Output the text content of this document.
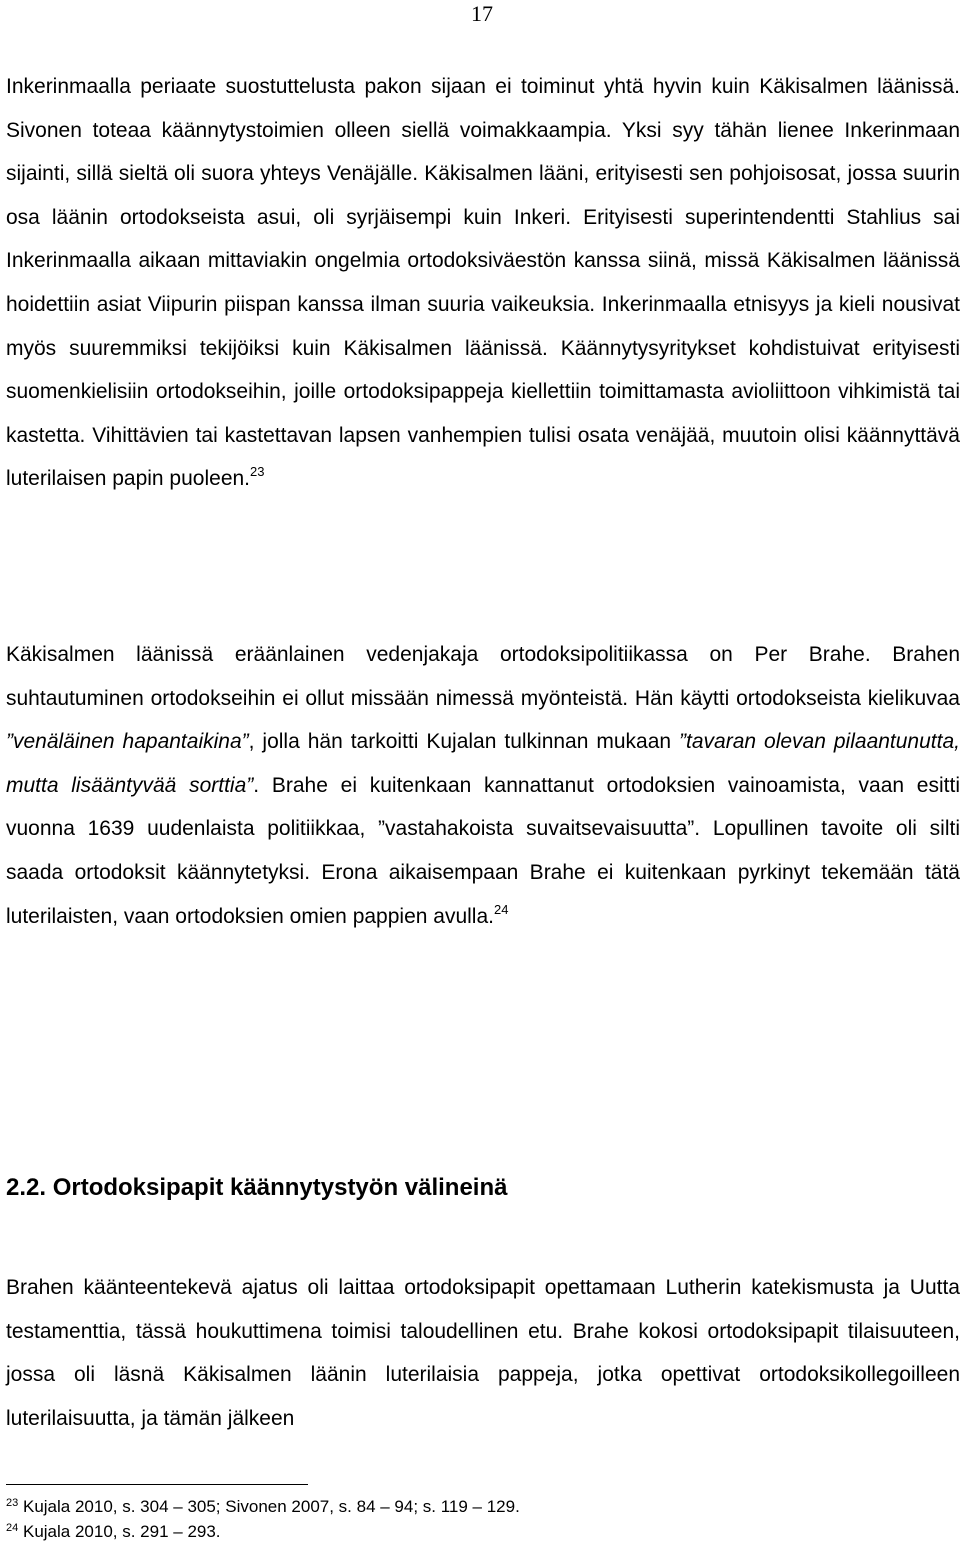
17

Inkerinmaalla periaate suostuttelusta pakon sijaan ei toiminut yhtä hyvin kuin Käkisalmen läänissä. Sivonen toteaa käännytystoimien olleen siellä voimakkaampia. Yksi syy tähän lienee Inkerinmaan sijainti, sillä sieltä oli suora yhteys Venäjälle. Käkisalmen lääni, erityisesti sen pohjoisosat, jossa suurin osa läänin ortodokseista asui, oli syrjäisempi kuin Inkeri. Erityisesti superintendentti Stahlius sai Inkerinmaalla aikaan mittaviakin ongelmia ortodoksiväestön kanssa siinä, missä Käkisalmen läänissä hoidettiin asiat Viipurin piispan kanssa ilman suuria vaikeuksia. Inkerinmaalla etnisyys ja kieli nousivat myös suuremmiksi tekijöiksi kuin Käkisalmen läänissä. Käännytysyritykset kohdistuivat erityisesti suomenkielisiin ortodokseihin, joille ortodoksipappeja kiellettiin toimittamasta avioliittoon vihkimistä tai kastetta. Vihittävien tai kastettavan lapsen vanhempien tulisi osata venäjää, muutoin olisi käännyttävä luterilaisen papin puoleen.$^{23}$

Käkisalmen läänissä eräänlainen vedenjakaja ortodoksipolitiikassa on Per Brahe. Brahen suhtautuminen ortodokseihin ei ollut missään nimessä myönteistä. Hän käytti ortodokseista kielikuvaa ”venäläinen hapantaikina”, jolla hän tarkoitti Kujalan tulkinnan mukaan ”tavaran olevan pilaantunutta, mutta lisääntyvää sorttia”. Brahe ei kuitenkaan kannattanut ortodoksien vainoamista, vaan esitti vuonna 1639 uudenlaista politiikkaa, ”vastahakoista suvaitsevaisuutta”. Lopullinen tavoite oli silti saada ortodoksit käännytetyksi. Erona aikaisempaan Brahe ei kuitenkaan pyrkinyt tekemään tätä luterilaisten, vaan ortodoksien omien pappien avulla.$^{24}$

2.2. Ortodoksipapit käännytystyön välineinä

Brahen käänteentekevä ajatus oli laittaa ortodoksipapit opettamaan Lutherin katekismusta ja Uutta testamenttia, tässä houkuttimena toimisi taloudellinen etu. Brahe kokosi ortodoksipapit tilaisuuteen, jossa oli läsnä Käkisalmen läänin luterilaisia pappeja, jotka opettivat ortodoksikollegoilleen luterilaisuutta, ja tämän jälkeen

$^{23}$ Kujala 2010, s. 304 – 305; Sivonen 2007, s. 84 – 94; s. 119 – 129.
$^{24}$ Kujala 2010, s. 291 – 293.
